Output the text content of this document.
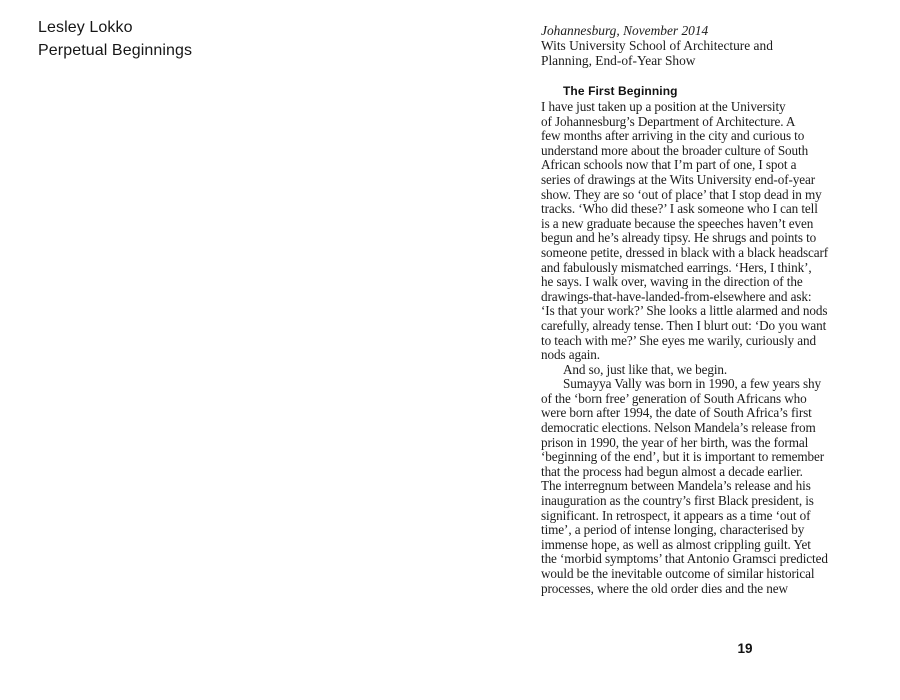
Lesley Lokko
Perpetual Beginnings
Johannesburg, November 2014
Wits University School of Architecture and
Planning, End-of-Year Show
The First Beginning
I have just taken up a position at the University
of Johannesburg’s Department of Architecture. A
few months after arriving in the city and curious to
understand more about the broader culture of South
African schools now that I’m part of one, I spot a
series of drawings at the Wits University end-of-year
show. They are so ‘out of place’ that I stop dead in my
tracks. ‘Who did these?’ I ask someone who I can tell
is a new graduate because the speeches haven’t even
begun and he’s already tipsy. He shrugs and points to
someone petite, dressed in black with a black headscarf
and fabulously mismatched earrings. ‘Hers, I think’,
he says. I walk over, waving in the direction of the
drawings-that-have-landed-from-elsewhere and ask:
‘Is that your work?’ She looks a little alarmed and nods
carefully, already tense. Then I blurt out: ‘Do you want
to teach with me?’ She eyes me warily, curiously and
nods again.
And so, just like that, we begin.
Sumayya Vally was born in 1990, a few years shy
of the ‘born free’ generation of South Africans who
were born after 1994, the date of South Africa’s first
democratic elections. Nelson Mandela’s release from
prison in 1990, the year of her birth, was the formal
‘beginning of the end’, but it is important to remember
that the process had begun almost a decade earlier.
The interregnum between Mandela’s release and his
inauguration as the country’s first Black president, is
significant. In retrospect, it appears as a time ‘out of
time’, a period of intense longing, characterised by
immense hope, as well as almost crippling guilt. Yet
the ‘morbid symptoms’ that Antonio Gramsci predicted
would be the inevitable outcome of similar historical
processes, where the old order dies and the new
19
